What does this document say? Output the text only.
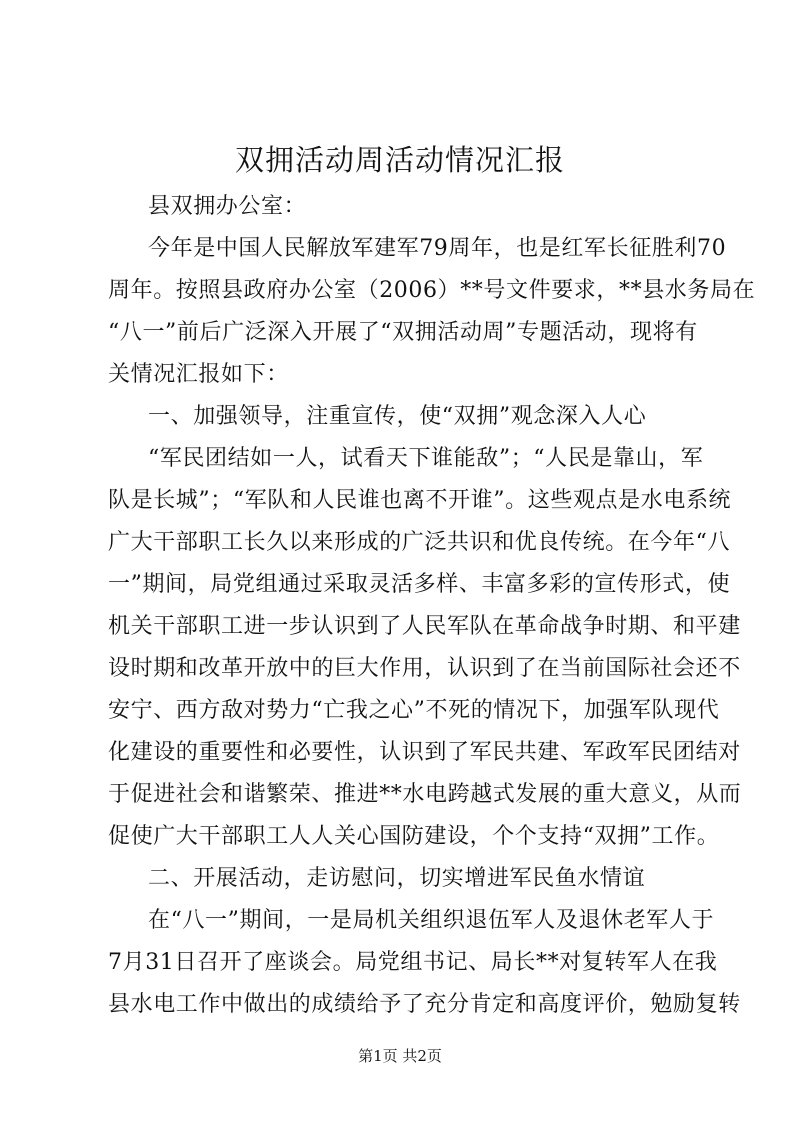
双拥活动周活动情况汇报
县双拥办公室：
今年是中国人民解放军建军79周年，也是红军长征胜利70
周年。按照县政府办公室（2006）**号文件要求，**县水务局在
“八一”前后广泛深入开展了“双拥活动周”专题活动，现将有
关情况汇报如下：
一、加强领导，注重宣传，使“双拥”观念深入人心
“军民团结如一人，试看天下谁能敌”；“人民是靠山，军
队是长城”；“军队和人民谁也离不开谁”。这些观点是水电系统
广大干部职工长久以来形成的广泛共识和优良传统。在今年“八
一”期间，局党组通过采取灵活多样、丰富多彩的宣传形式，使
机关干部职工进一步认识到了人民军队在革命战争时期、和平建
设时期和改革开放中的巨大作用，认识到了在当前国际社会还不
安宁、西方敌对势力“亡我之心”不死的情况下，加强军队现代
化建设的重要性和必要性，认识到了军民共建、军政军民团结对
于促进社会和谐繁荣、推进**水电跨越式发展的重大意义，从而
促使广大干部职工人人关心国防建设，个个支持“双拥”工作。
二、开展活动，走访慰问，切实增进军民鱼水情谊
在“八一”期间，一是局机关组织退伍军人及退休老军人于
7月31日召开了座谈会。局党组书记、局长**对复转军人在我
县水电工作中做出的成绩给予了充分肯定和高度评价，勉励复转
第1页 共2页
